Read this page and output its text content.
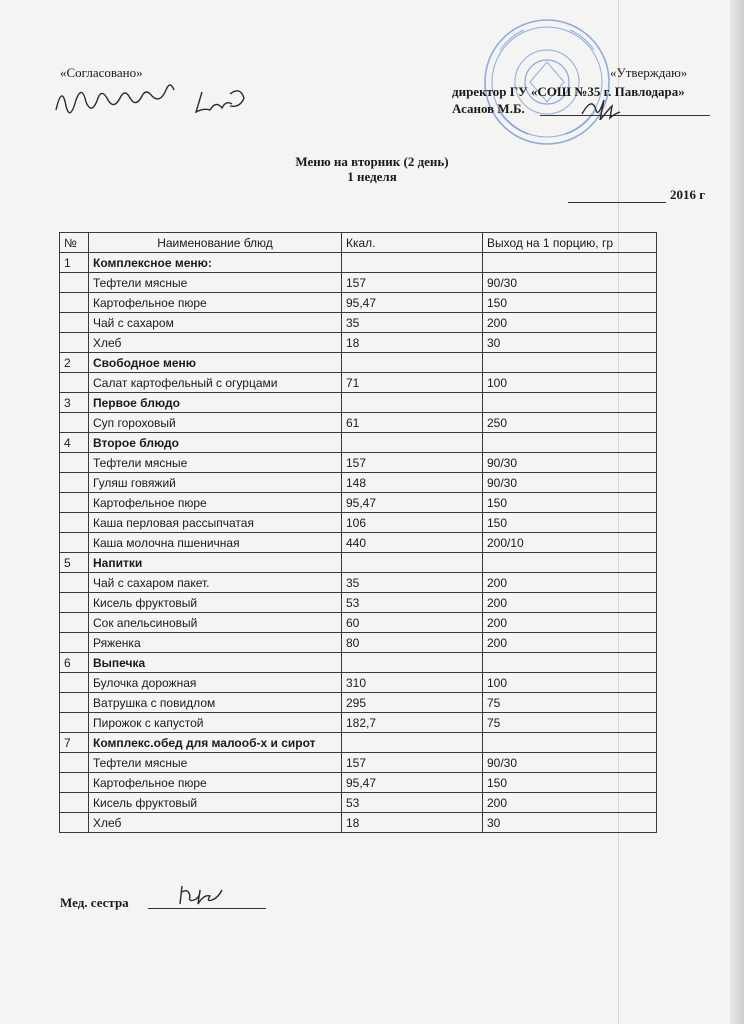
«Согласовано»	«Утверждаю»
директор ГУ «СОШ №35 г. Павлодара»
Асанов М.Б.
Меню на вторник (2 день)
1 неделя
2016 г
№	Наименование блюд	Ккал.	Выход на 1 порцию, гр
1	Комплексное меню:		
	Тефтели мясные	157	90/30
	Картофельное пюре	95,47	150
	Чай с сахаром	35	200
	Хлеб	18	30
2	Свободное меню		
	Салат картофельный с огурцами	71	100
3	Первое блюдо		
	Суп гороховый	61	250
4	Второе блюдо		
	Тефтели мясные	157	90/30
	Гуляш говяжий	148	90/30
	Картофельное пюре	95,47	150
	Каша перловая рассыпчатая	106	150
	Каша молочна пшеничная	440	200/10
5	Напитки		
	Чай с сахаром пакет.	35	200
	Кисель фруктовый	53	200
	Сок апельсиновый	60	200
	Ряженка	80	200
6	Выпечка		
	Булочка дорожная	310	100
	Ватрушка с повидлом	295	75
	Пирожок с капустой	182,7	75
7	Комплекс.обед для малооб-х и сирот		
	Тефтели мясные	157	90/30
	Картофельное пюре	95,47	150
	Кисель фруктовый	53	200
	Хлеб	18	30
Мед. сестра
